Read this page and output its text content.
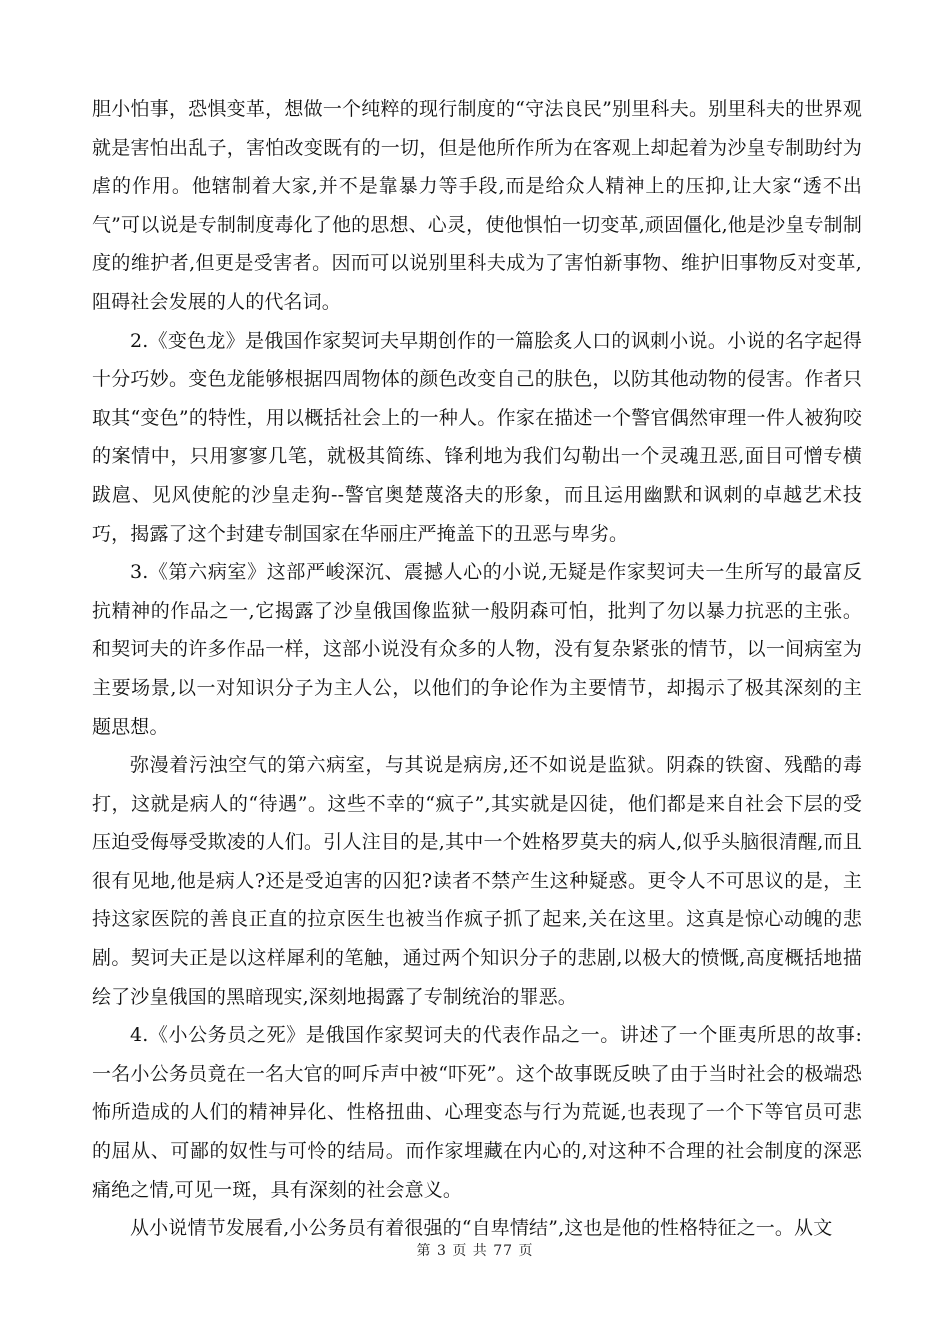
胆小怕事，恐惧变革，想做一个纯粹的现行制度的“守法良民”别里科夫。别里科夫的世界观就是害怕出乱子，害怕改变既有的一切，但是他所作所为在客观上却起着为沙皇专制助纣为虐的作用。他辖制着大家,并不是靠暴力等手段,而是给众人精神上的压抑,让大家“透不出气”可以说是专制制度毒化了他的思想、心灵，使他惧怕一切变革,顽固僵化,他是沙皇专制制度的维护者,但更是受害者。因而可以说别里科夫成为了害怕新事物、维护旧事物反对变革,阻碍社会发展的人的代名词。

2.《变色龙》是俄国作家契诃夫早期创作的一篇脍炙人口的讽刺小说。小说的名字起得十分巧妙。变色龙能够根据四周物体的颜色改变自己的肤色，以防其他动物的侵害。作者只取其“变色”的特性，用以概括社会上的一种人。作家在描述一个警官偶然审理一件人被狗咬的案情中，只用寥寥几笔，就极其简练、锋利地为我们勾勒出一个灵魂丑恶,面目可憎专横跋扈、见风使舵的沙皇走狗--警官奥楚蔑洛夫的形象，而且运用幽默和讽刺的卓越艺术技巧，揭露了这个封建专制国家在华丽庄严掩盖下的丑恶与卑劣。

3.《第六病室》这部严峻深沉、震撼人心的小说,无疑是作家契诃夫一生所写的最富反抗精神的作品之一,它揭露了沙皇俄国像监狱一般阴森可怕，批判了勿以暴力抗恶的主张。和契诃夫的许多作品一样，这部小说没有众多的人物，没有复杂紧张的情节，以一间病室为主要场景,以一对知识分子为主人公，以他们的争论作为主要情节，却揭示了极其深刻的主题思想。

弥漫着污浊空气的第六病室，与其说是病房,还不如说是监狱。阴森的铁窗、残酷的毒打，这就是病人的“待遇”。这些不幸的“疯子”,其实就是囚徒，他们都是来自社会下层的受压迫受侮辱受欺凌的人们。引人注目的是,其中一个姓格罗莫夫的病人,似乎头脑很清醒,而且很有见地,他是病人?还是受迫害的囚犯?读者不禁产生这种疑惑。更令人不可思议的是，主持这家医院的善良正直的拉京医生也被当作疯子抓了起来,关在这里。这真是惊心动魄的悲剧。契诃夫正是以这样犀利的笔触，通过两个知识分子的悲剧,以极大的愤慨,高度概括地描绘了沙皇俄国的黑暗现实,深刻地揭露了专制统治的罪恶。

4.《小公务员之死》是俄国作家契诃夫的代表作品之一。讲述了一个匪夷所思的故事:一名小公务员竟在一名大官的呵斥声中被“吓死”。这个故事既反映了由于当时社会的极端恐怖所造成的人们的精神异化、性格扭曲、心理变态与行为荒诞,也表现了一个下等官员可悲的屈从、可鄙的奴性与可怜的结局。而作家埋藏在内心的,对这种不合理的社会制度的深恶痛绝之情,可见一斑，具有深刻的社会意义。

从小说情节发展看,小公务员有着很强的“自卑情结”,这也是他的性格特征之一。从文

第 3 页 共 77 页
